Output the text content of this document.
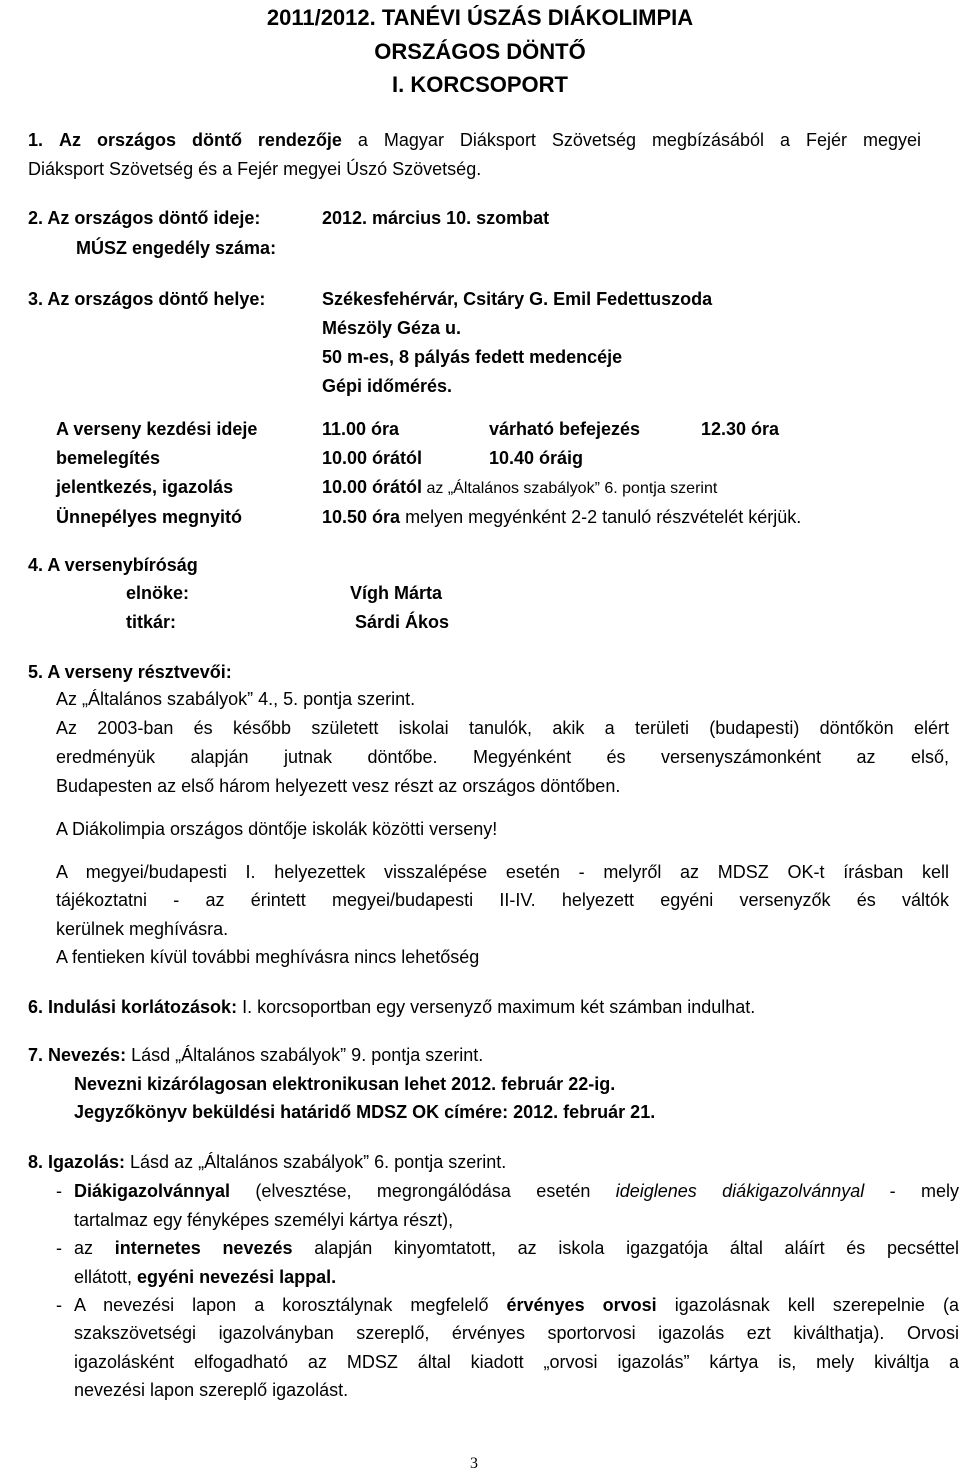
2011/2012. TANÉVI ÚSZÁS DIÁKOLIMPIA
ORSZÁGOS DÖNTŐ
I. KORCSOPORT
1. Az országos döntő rendezője a Magyar Diáksport Szövetség megbízásából a Fejér megyei
Diáksport Szövetség és a Fejér megyei Úszó Szövetség.
2. Az országos döntő ideje:	2012. március 10. szombat
MÚSZ engedély száma:
3. Az országos döntő helye:	Székesfehérvár, Csitáry G. Emil Fedettuszoda
Mészöly Géza u.
50 m-es, 8 pályás fedett medencéje
Gépi időmérés.
A verseny kezdési ideje	11.00 óra	várható befejezés	12.30 óra
bemelegítés	10.00 órától	10.40 óráig
jelentkezés, igazolás	10.00 órától az „Általános szabályok” 6. pontja szerint
Ünnepélyes megnyitó	10.50 óra melyen megyénként 2-2 tanuló részvételét kérjük.
4. A versenybíróság
elnöke:	Vígh Márta
titkár:	Sárdi Ákos
5. A verseny résztvevői:
Az „Általános szabályok” 4., 5. pontja szerint.
Az 2003-ban és később született iskolai tanulók, akik a területi (budapesti) döntőkön elért
eredményük alapján jutnak döntőbe. Megyénként és versenyszámonként az első,
Budapesten az első három helyezett vesz részt az országos döntőben.
A Diákolimpia országos döntője iskolák közötti verseny!
A megyei/budapesti I. helyezettek visszalépése esetén - melyről az MDSZ OK-t írásban kell
tájékoztatni - az érintett megyei/budapesti II-IV. helyezett egyéni versenyzők és váltók
kerülnek meghívásra.
A fentieken kívül további meghívásra nincs lehetőség
6. Indulási korlátozások: I. korcsoportban egy versenyző maximum két számban indulhat.
7. Nevezés: Lásd „Általános szabályok” 9. pontja szerint.
Nevezni kizárólagosan elektronikusan lehet 2012. február 22-ig.
Jegyzőkönyv beküldési határidő MDSZ OK címére: 2012. február 21.
8. Igazolás: Lásd az „Általános szabályok” 6. pontja szerint.
- Diákigazolvánnyal (elvesztése, megrongálódása esetén ideiglenes diákigazolvánnyal - mely
tartalmaz egy fényképes személyi kártya részt),
- az internetes nevezés alapján kinyomtatott, az iskola igazgatója által aláírt és pecséttel
ellátott, egyéni nevezési lappal.
- A nevezési lapon a korosztálynak megfelelő érvényes orvosi igazolásnak kell szerepelnie (a
szakszövetségi igazolványban szereplő, érvényes sportorvosi igazolás ezt kiválthatja). Orvosi
igazolásként elfogadható az MDSZ által kiadott „orvosi igazolás” kártya is, mely kiváltja a
nevezési lapon szereplő igazolást.
3
